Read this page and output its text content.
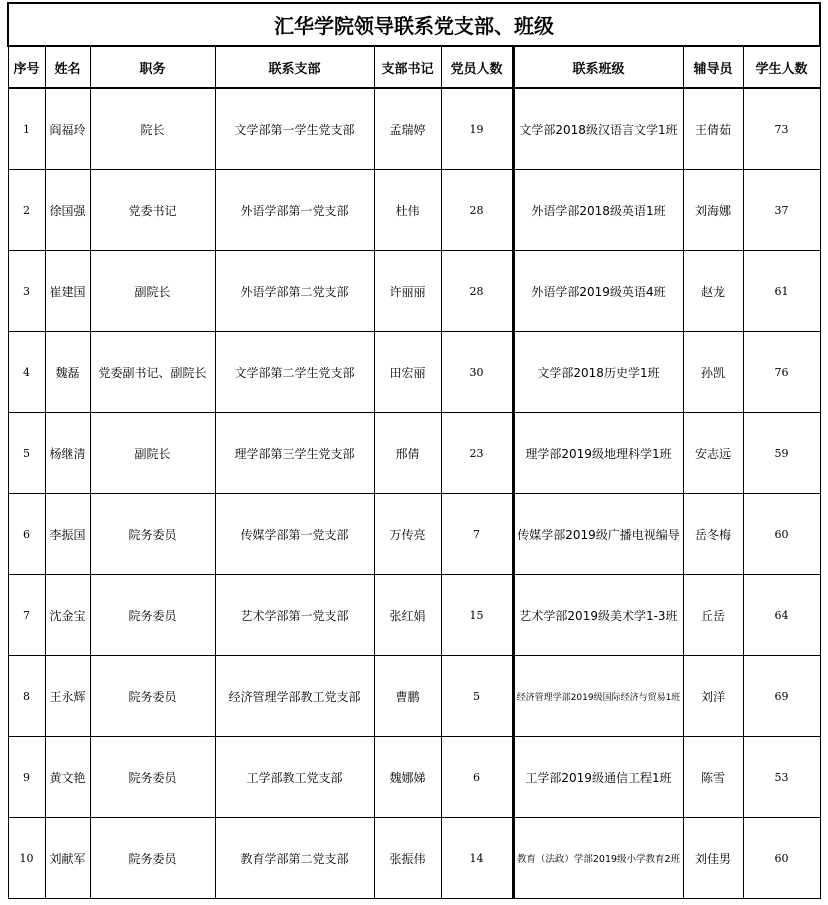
汇华学院领导联系党支部、班级								
序号	姓名	职务	联系支部	支部书记	党员人数	联系班级	辅导员	学生人数
1	阎福玲	院长	文学部第一学生党支部	孟瑞婷	19	文学部2018级汉语言文学1班	王倩茹	73
2	徐国强	党委书记	外语学部第一党支部	杜伟	28	外语学部2018级英语1班	刘海娜	37
3	崔建国	副院长	外语学部第二党支部	许丽丽	28	外语学部2019级英语4班	赵龙	61
4	魏磊	党委副书记、副院长	文学部第二学生党支部	田宏丽	30	文学部2018历史学1班	孙凯	76
5	杨继清	副院长	理学部第三学生党支部	邢倩	23	理学部2019级地理科学1班	安志远	59
6	李振国	院务委员	传媒学部第一党支部	万传亮	7	传媒学部2019级广播电视编导	岳冬梅	60
7	沈金宝	院务委员	艺术学部第一党支部	张红娟	15	艺术学部2019级美术学1-3班	丘岳	64
8	王永辉	院务委员	经济管理学部教工党支部	曹鹏	5	经济管理学部2019级国际经济与贸易1班	刘洋	69
9	黄文艳	院务委员	工学部教工党支部	魏娜娣	6	工学部2019级通信工程1班	陈雪	53
10	刘献军	院务委员	教育学部第二党支部	张振伟	14	教育（法政）学部2019级小学教育2班	刘佳男	60
